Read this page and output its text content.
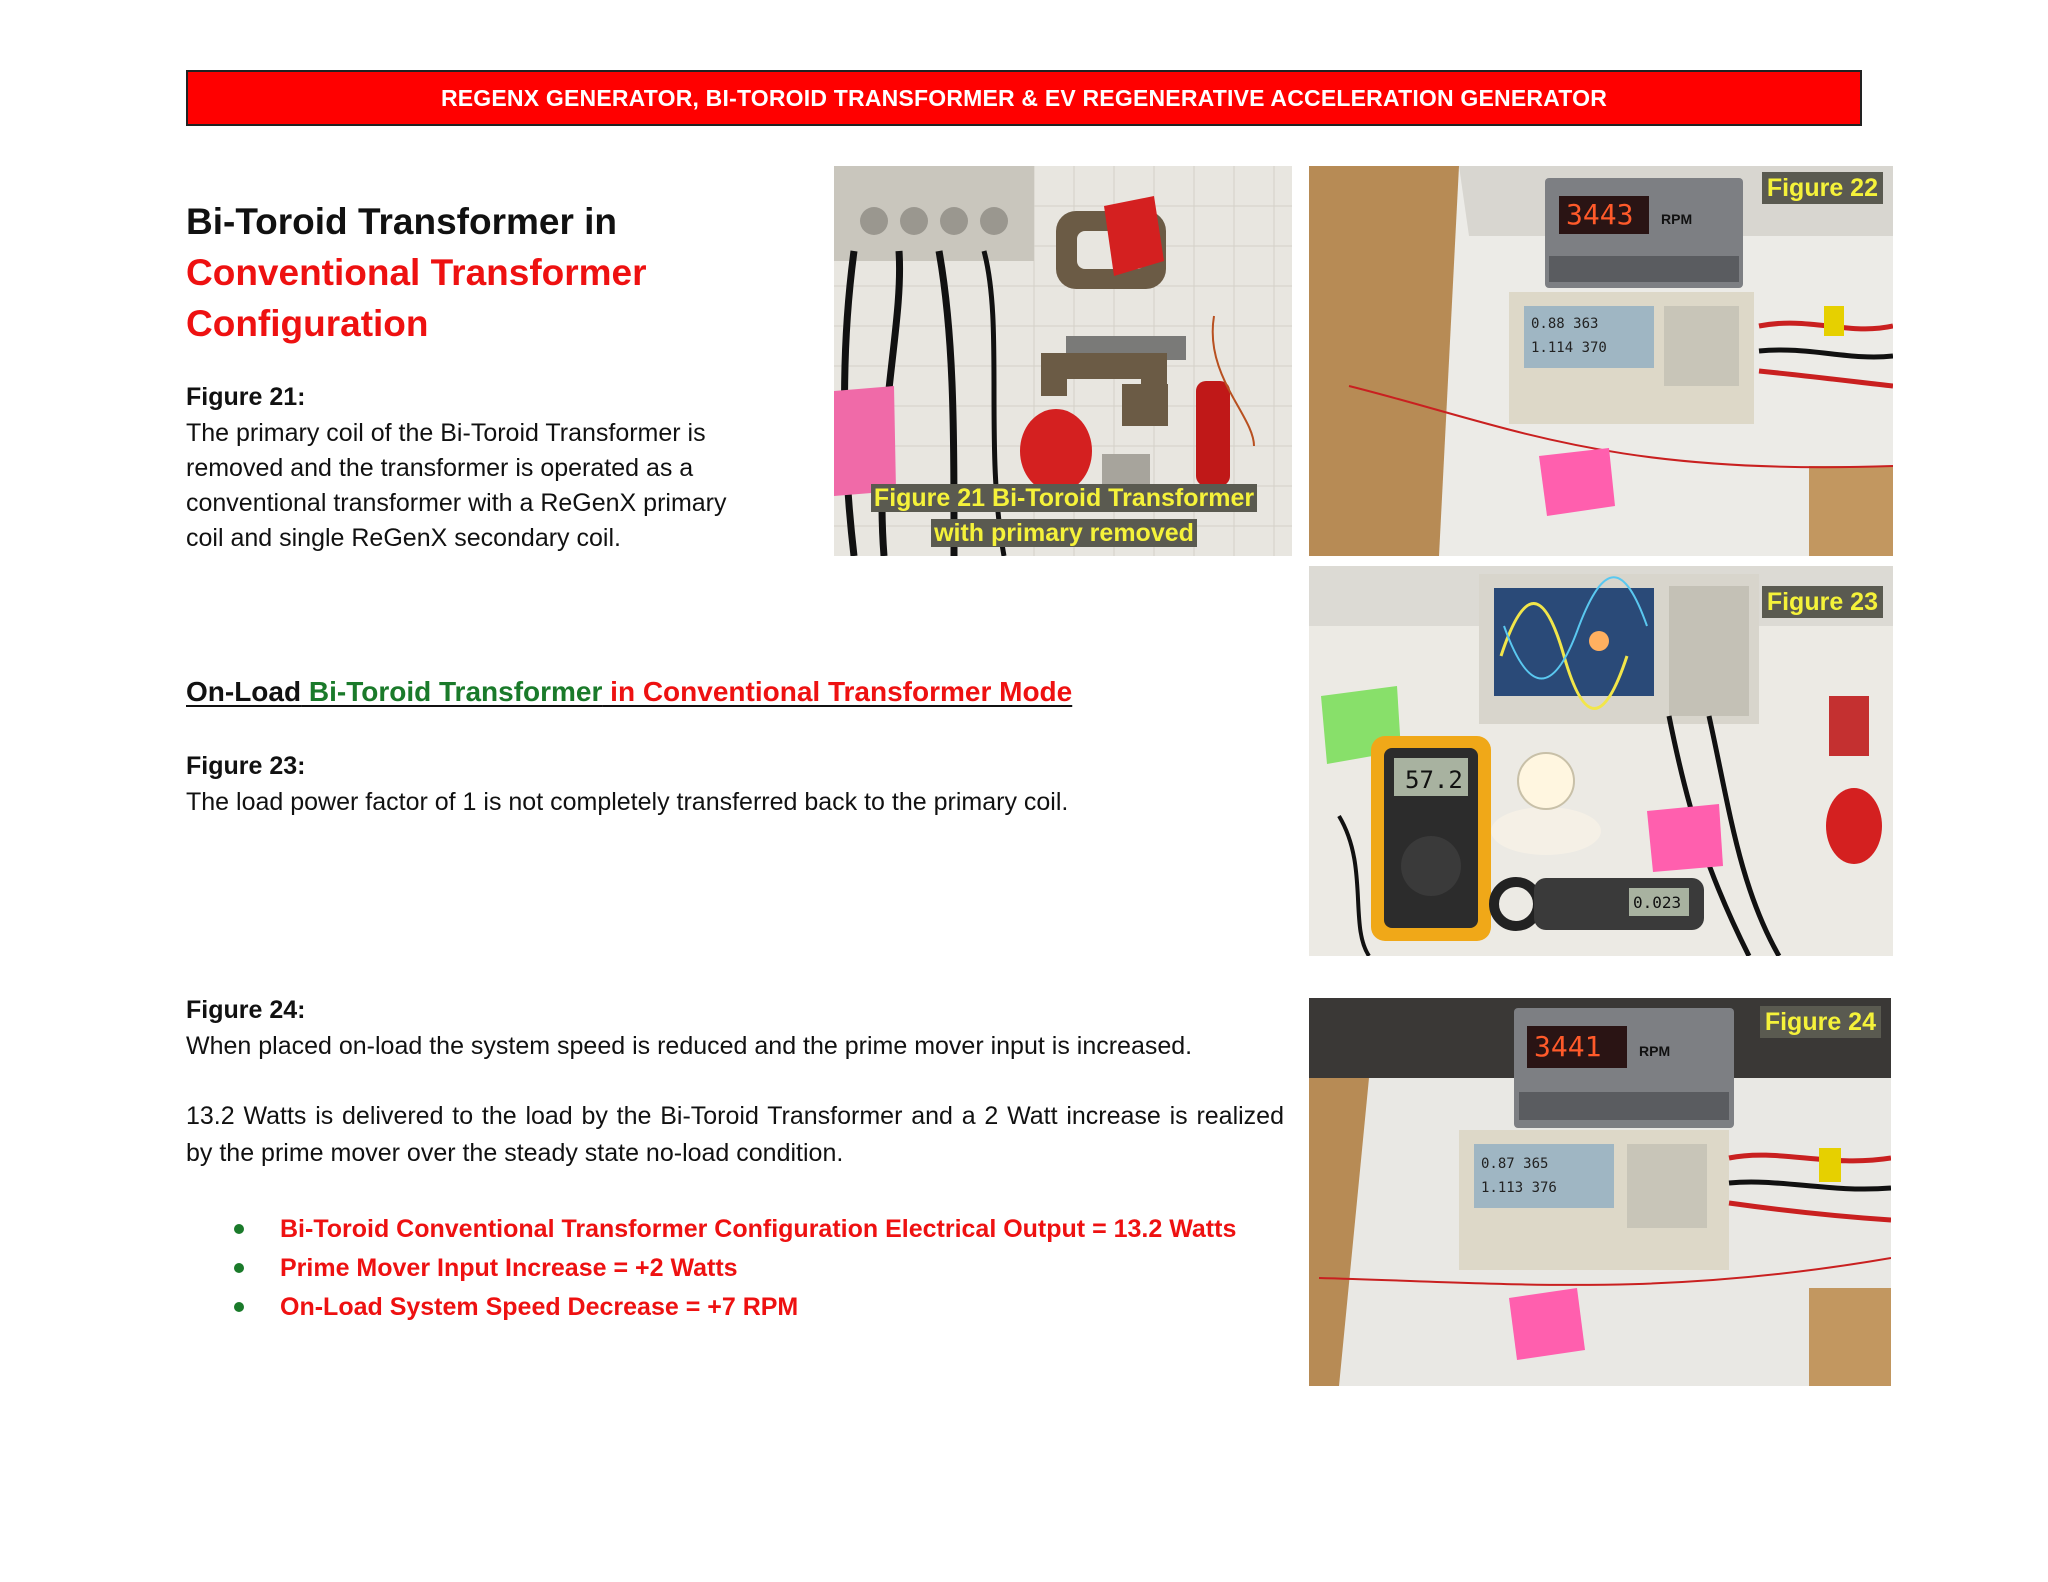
REGENX GENERATOR, BI-TOROID TRANSFORMER & EV REGENERATIVE ACCELERATION GENERATOR
Bi-Toroid Transformer in
Conventional Transformer
Configuration
Figure 21:
The primary coil of the Bi-Toroid Transformer is
removed and the transformer is operated as a
conventional transformer with a ReGenX primary
coil and single ReGenX secondary coil.
On-Load Bi-Toroid Transformer in Conventional Transformer Mode
Figure 23:
The load power factor of 1 is not completely transferred back to the primary coil.
Figure 24:
When placed on-load the system speed is reduced and the prime mover input is increased.
13.2 Watts is delivered to the load by the Bi-Toroid Transformer and a 2 Watt increase is realized by the prime mover over the steady state no-load condition.
Bi-Toroid Conventional Transformer Configuration Electrical Output = 13.2 Watts
Prime Mover Input Increase = +2 Watts
On-Load System Speed Decrease = +7 RPM
Figure 21 Bi-Toroid Transformer
with primary removed
3443 RPM
0.88 363
1.114 370
Figure 22
57.2
0.023
Figure 23
3441	RPM
0.87 365
1.113 376
Figure 24
